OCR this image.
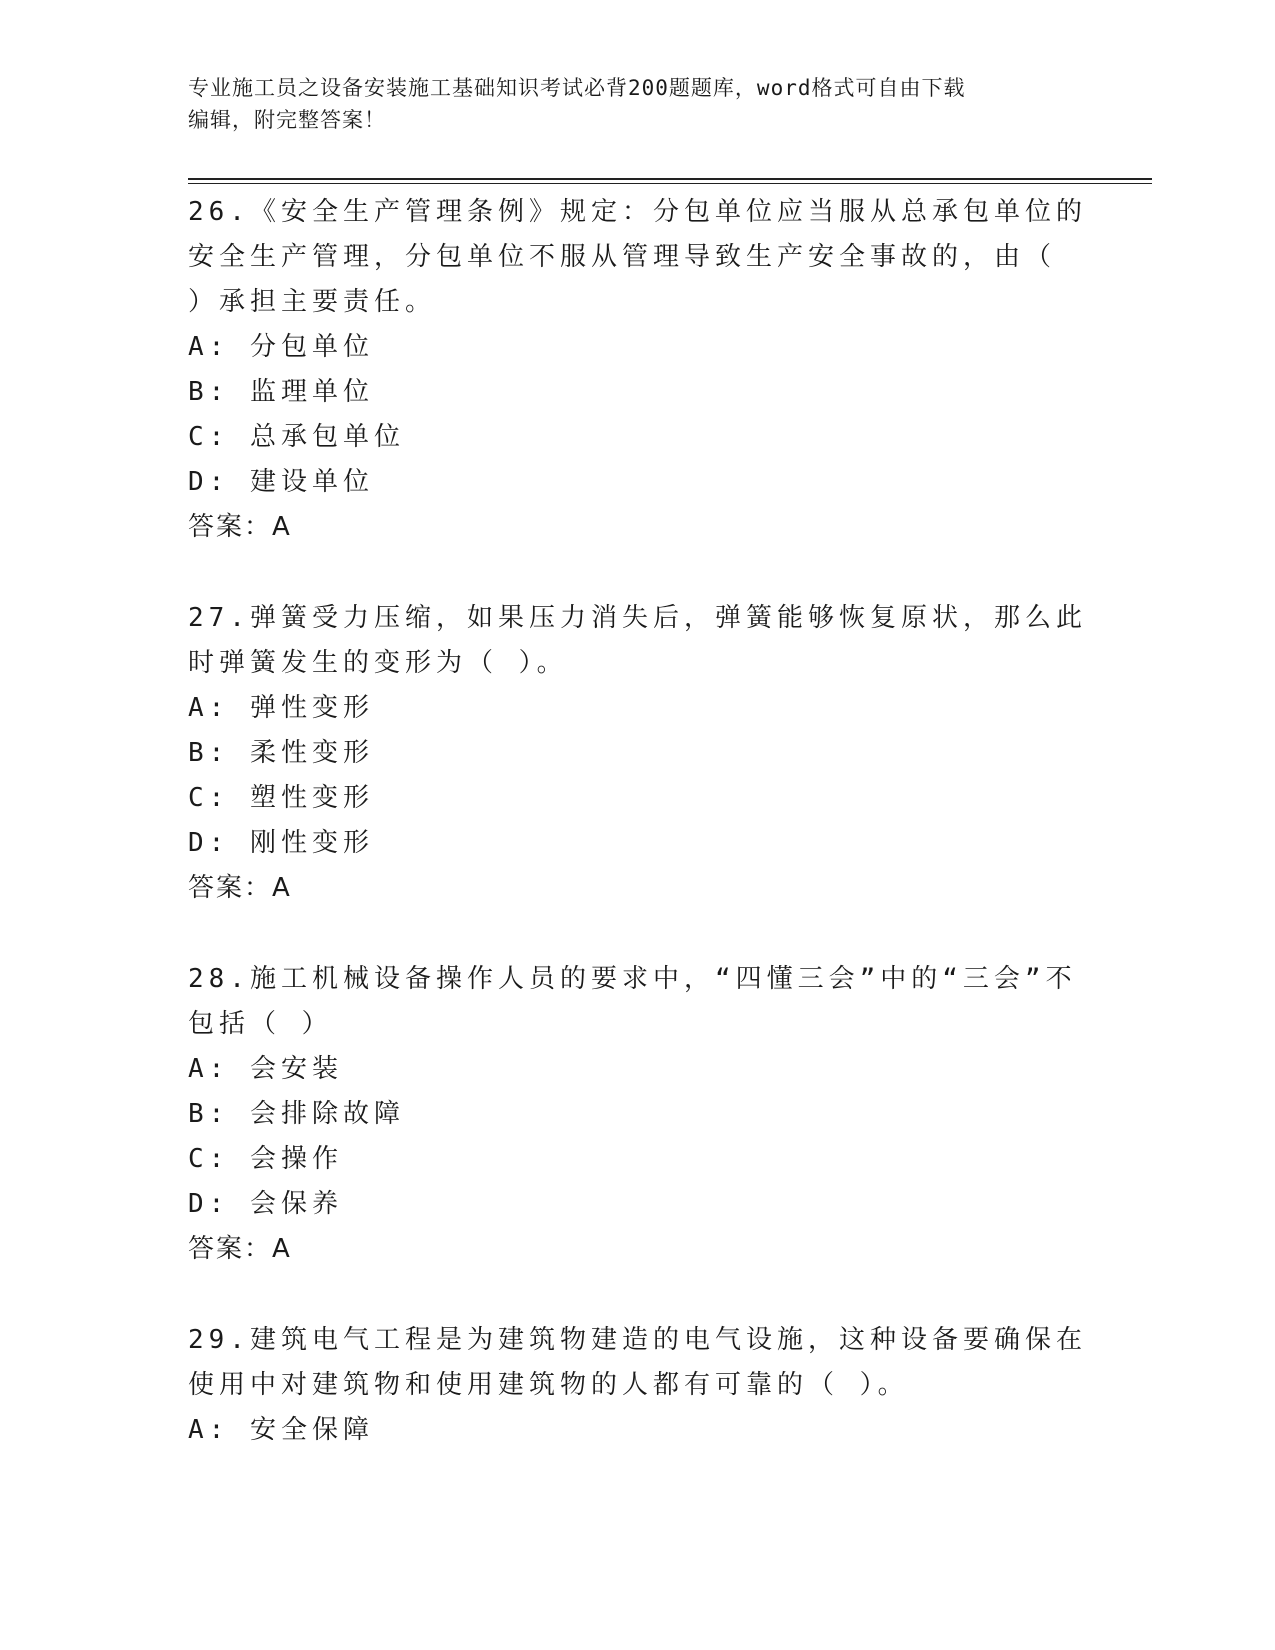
专业施工员之设备安装施工基础知识考试必背200题题库，word格式可自由下载
编辑，附完整答案！
26.《安全生产管理条例》规定：分包单位应当服从总承包单位的安全生产管理，分包单位不服从管理导致生产安全事故的，由（ ）承担主要责任。
A: 分包单位
B: 监理单位
C: 总承包单位
D: 建设单位
答案：A
27.弹簧受力压缩，如果压力消失后，弹簧能够恢复原状，那么此时弹簧发生的变形为（ ）。
A: 弹性变形
B: 柔性变形
C: 塑性变形
D: 刚性变形
答案：A
28.施工机械设备操作人员的要求中，“四懂三会”中的“三会”不包括（ ）
A: 会安装
B: 会排除故障
C: 会操作
D: 会保养
答案：A
29.建筑电气工程是为建筑物建造的电气设施，这种设备要确保在使用中对建筑物和使用建筑物的人都有可靠的（ ）。
A: 安全保障
